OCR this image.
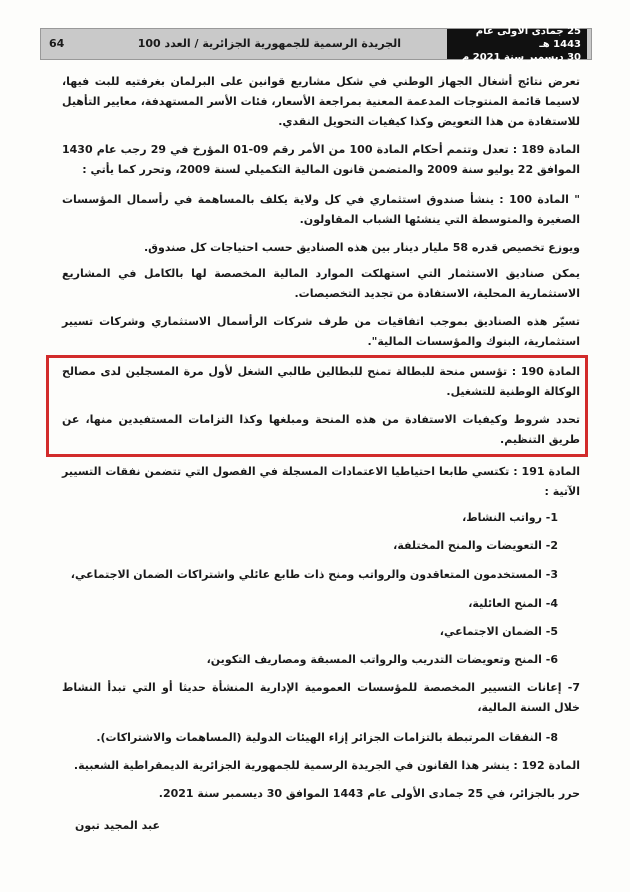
25 جمادى الأولى عام 1443 هـ
30 ديسمبر سنة 2021 م
الجريدة الرسمية للجمهورية الجزائرية / العدد 100
64
تعرض نتائج أشغال الجهاز الوطني في شكل مشاريع قوانين على البرلمان بغرفتيه للبت فيها، لاسيما قائمة المنتوجات المدعمة المعنية بمراجعة الأسعار، فئات الأسر المستهدفة، معايير التأهيل للاستفادة من هذا التعويض وكذا كيفيات التحويل النقدي.
المادة 189 : تعدل وتتمم أحكام المادة 100 من الأمر رقم 09-01 المؤرخ في 29 رجب عام 1430 الموافق 22 يوليو سنة 2009 والمتضمن قانون المالية التكميلي لسنة 2009، وتحرر كما يأتي :
" المادة 100 : ينشأ صندوق استثماري في كل ولاية يكلف بالمساهمة في رأسمال المؤسسات الصغيرة والمتوسطة التي ينشئها الشباب المقاولون.
ويوزع تخصيص قدره 58 مليار دينار بين هذه الصناديق حسب احتياجات كل صندوق.
يمكن صناديق الاستثمار التي استهلكت الموارد المالية المخصصة لها بالكامل في المشاريع الاستثمارية المحلية، الاستفادة من تجديد التخصيصات.
تسيّر هذه الصناديق بموجب اتفاقيات من طرف شركات الرأسمال الاستثماري وشركات تسيير استثمارية، البنوك والمؤسسات المالية".
المادة 190 : تؤسس منحة للبطالة تمنح للبطالين طالبي الشغل لأول مرة المسجلين لدى مصالح الوكالة الوطنية للتشغيل.
تحدد شروط وكيفيات الاستفادة من هذه المنحة ومبلغها وكذا التزامات المستفيدين منها، عن طريق التنظيم.
المادة 191 : تكتسي طابعا احتياطيا الاعتمادات المسجلة في الفصول التي تتضمن نفقات التسيير الآتية :
1- رواتب النشاط،
2- التعويضات والمنح المختلفة،
3- المستخدمون المتعاقدون والرواتب ومنح ذات طابع عائلي واشتراكات الضمان الاجتماعي،
4- المنح العائلية،
5- الضمان الاجتماعي،
6- المنح وتعويضات التدريب والرواتب المسبقة ومصاريف التكوين،
7- إعانات التسيير المخصصة للمؤسسات العمومية الإدارية المنشأة حديثا أو التي تبدأ النشاط خلال السنة المالية،
8- النفقات المرتبطة بالتزامات الجزائر إزاء الهيئات الدولية (المساهمات والاشتراكات).
المادة 192 : ينشر هذا القانون في الجريدة الرسمية للجمهورية الجزائرية الديمقراطية الشعبية.
حرر بالجزائر، في 25 جمادى الأولى عام 1443 الموافق 30 ديسمبر سنة 2021.
عبد المجيد تبون
